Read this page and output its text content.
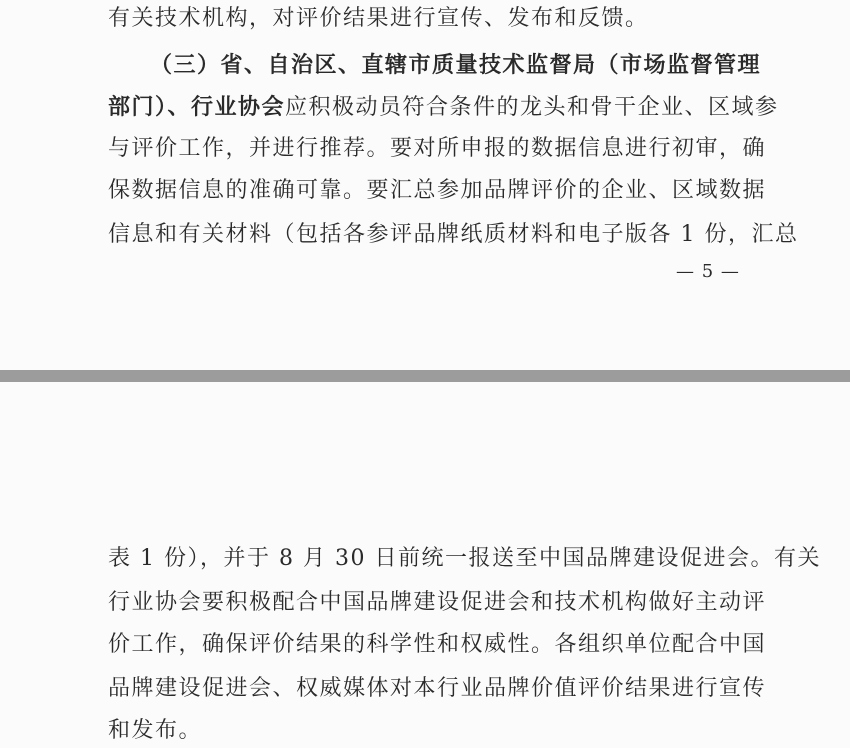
有关技术机构，对评价结果进行宣传、发布和反馈。
（三）省、自治区、直辖市质量技术监督局（市场监督管理
部门）、行业协会应积极动员符合条件的龙头和骨干企业、区域参
与评价工作，并进行推荐。要对所申报的数据信息进行初审，确
保数据信息的准确可靠。要汇总参加品牌评价的企业、区域数据
信息和有关材料（包括各参评品牌纸质材料和电子版各 1 份，汇总
— 5 —
表 1 份），并于 8 月 30 日前统一报送至中国品牌建设促进会。有关
行业协会要积极配合中国品牌建设促进会和技术机构做好主动评
价工作，确保评价结果的科学性和权威性。各组织单位配合中国
品牌建设促进会、权威媒体对本行业品牌价值评价结果进行宣传
和发布。
